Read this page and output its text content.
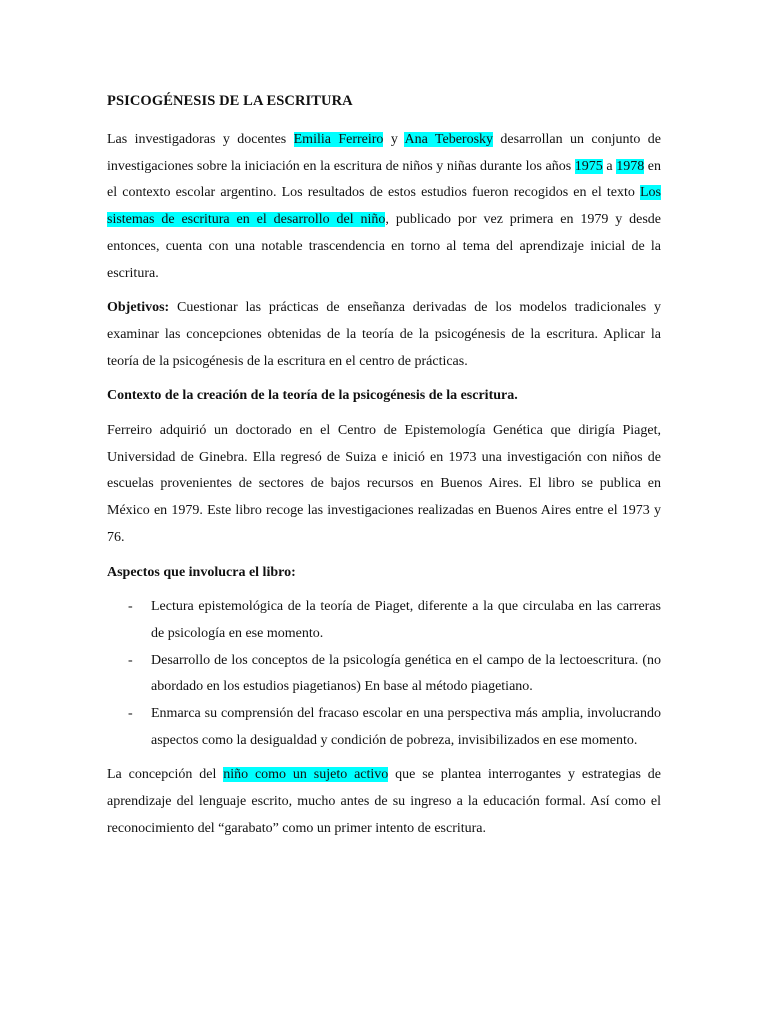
PSICOGÉNESIS DE LA ESCRITURA

Las investigadoras y docentes Emilia Ferreiro y Ana Teberosky desarrollan un conjunto de investigaciones sobre la iniciación en la escritura de niños y niñas durante los años 1975 a 1978 en el contexto escolar argentino. Los resultados de estos estudios fueron recogidos en el texto Los sistemas de escritura en el desarrollo del niño, publicado por vez primera en 1979 y desde entonces, cuenta con una notable trascendencia en torno al tema del aprendizaje inicial de la escritura.

Objetivos: Cuestionar las prácticas de enseñanza derivadas de los modelos tradicionales y examinar las concepciones obtenidas de la teoría de la psicogénesis de la escritura. Aplicar la teoría de la psicogénesis de la escritura en el centro de prácticas.

Contexto de la creación de la teoría de la psicogénesis de la escritura.

Ferreiro adquirió un doctorado en el Centro de Epistemología Genética que dirigía Piaget, Universidad de Ginebra. Ella regresó de Suiza e inició en 1973 una investigación con niños de escuelas provenientes de sectores de bajos recursos en Buenos Aires. El libro se publica en México en 1979. Este libro recoge las investigaciones realizadas en Buenos Aires entre el 1973 y 76.

Aspectos que involucra el libro:

- Lectura epistemológica de la teoría de Piaget, diferente a la que circulaba en las carreras de psicología en ese momento.
- Desarrollo de los conceptos de la psicología genética en el campo de la lectoescritura. (no abordado en los estudios piagetianos) En base al método piagetiano.
- Enmarca su comprensión del fracaso escolar en una perspectiva más amplia, involucrando aspectos como la desigualdad y condición de pobreza, invisibilizados en ese momento.

La concepción del niño como un sujeto activo que se plantea interrogantes y estrategias de aprendizaje del lenguaje escrito, mucho antes de su ingreso a la educación formal. Así como el reconocimiento del “garabato” como un primer intento de escritura.
